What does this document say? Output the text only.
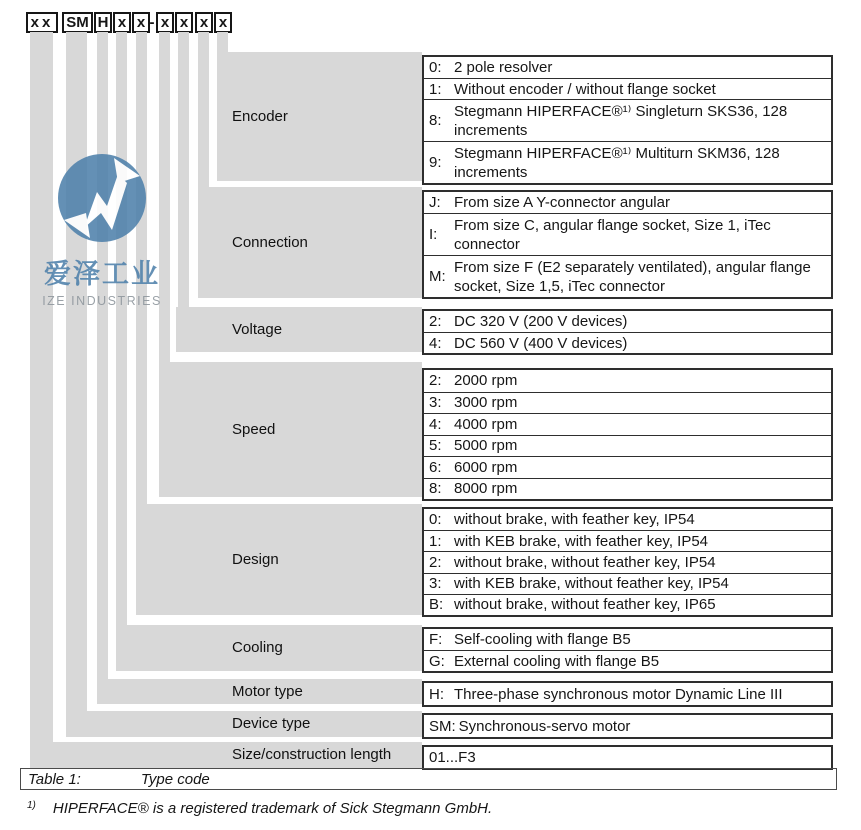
xx SM H x x - x x x x
Encoder
Connection
Voltage
Speed
Design
Cooling
Motor type
Device type
Size/construction length
0: 2 pole resolver
1: Without encoder / without flange socket
8:
Stegmann HIPERFACE®¹⁾ Singleturn SKS36, 128 increments
9:
Stegmann HIPERFACE®¹⁾ Multiturn SKM36, 128 increments
J: From size A Y-connector angular
I:
From size C, angular flange socket, Size 1, iTec connector
M:
From size F (E2 separately ventilated), angular flange socket, Size 1,5, iTec connector
2: DC 320 V (200 V devices)
4: DC 560 V (400 V devices)
2: 2000 rpm
3: 3000 rpm
4: 4000 rpm
5: 5000 rpm
6: 6000 rpm
8: 8000 rpm
0: without brake, with feather key, IP54
1: with KEB brake, with feather key, IP54
2: without brake, without feather key, IP54
3: with KEB brake, without feather key, IP54
B: without brake, without feather key, IP65
F: Self-cooling with flange B5
G: External cooling with flange B5
H: Three-phase synchronous motor Dynamic Line III
SM: Synchronous-servo motor
01...F3
爱泽工业
IZE INDUSTRIES
Table 1:	Type code
1) HIPERFACE® is a registered trademark of Sick Stegmann GmbH.
